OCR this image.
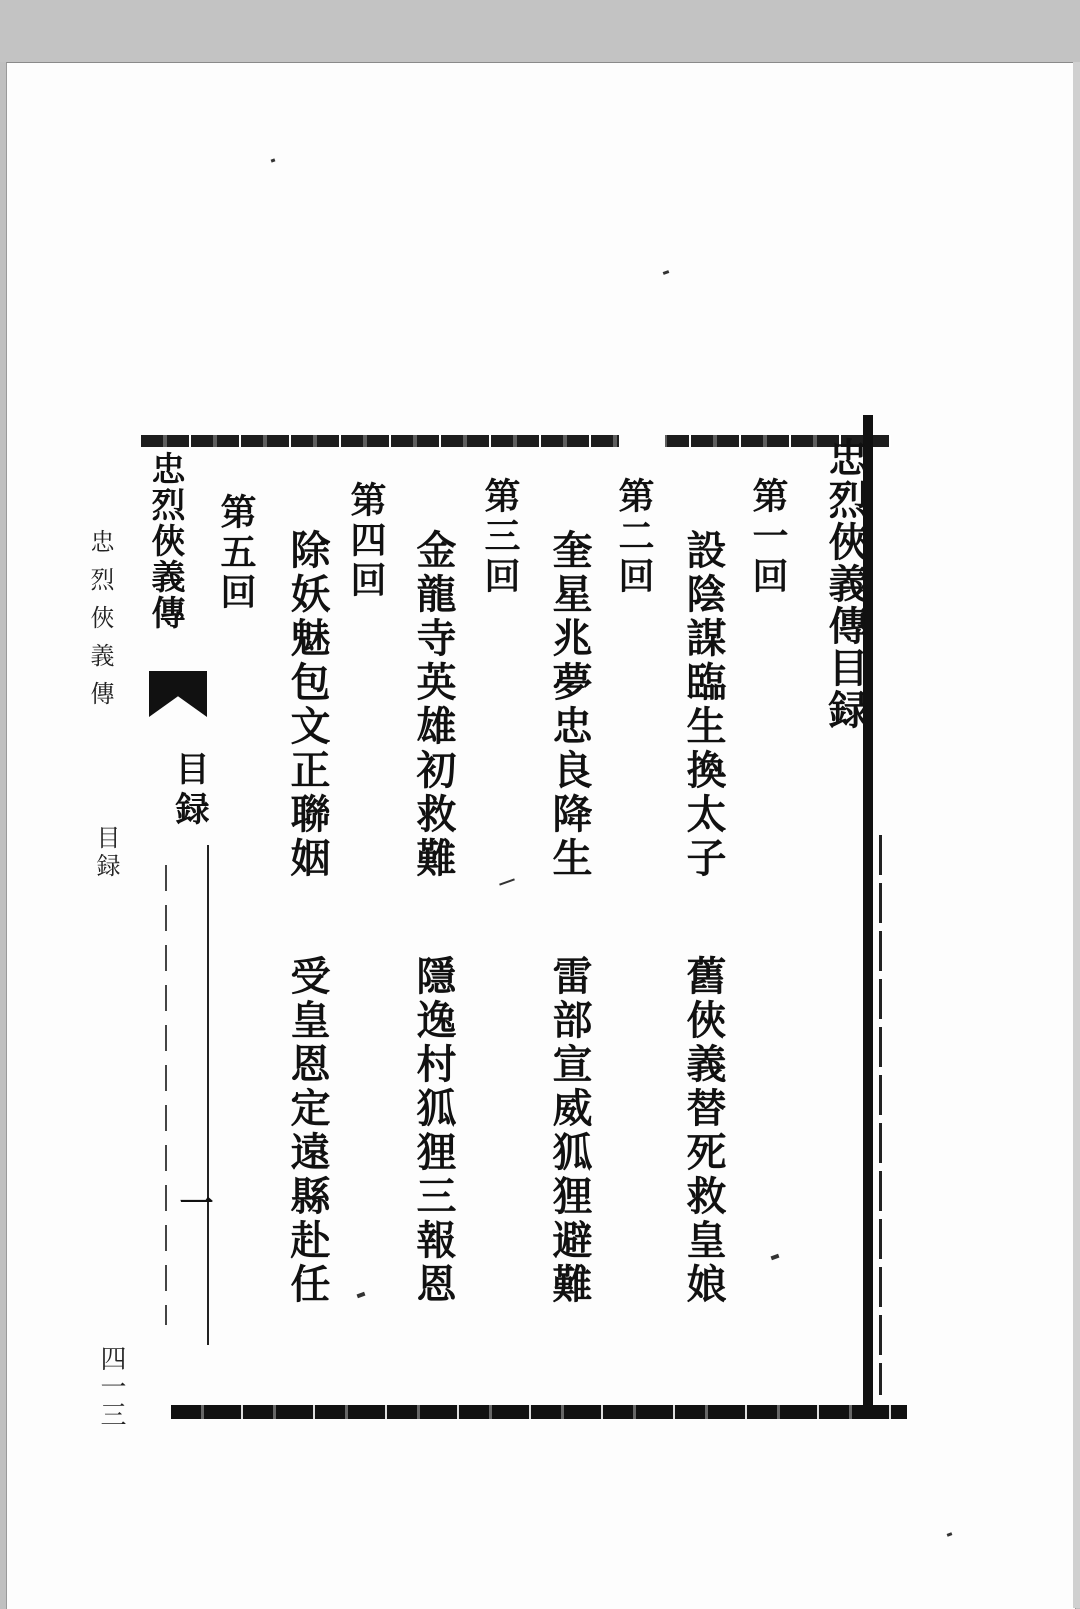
忠烈俠義傳
目録
四一三
忠烈俠義傳
目録
一
忠烈俠義傳目録
第一回
設陰謀臨生換太子
舊俠義替死救皇娘
第二回
奎星兆夢忠良降生
雷部宣威狐狸避難
第三回
金龍寺英雄初救難
隱逸村狐狸三報恩
第四回
除妖魅包文正聯姻
受皇恩定遠縣赴任
第五回
